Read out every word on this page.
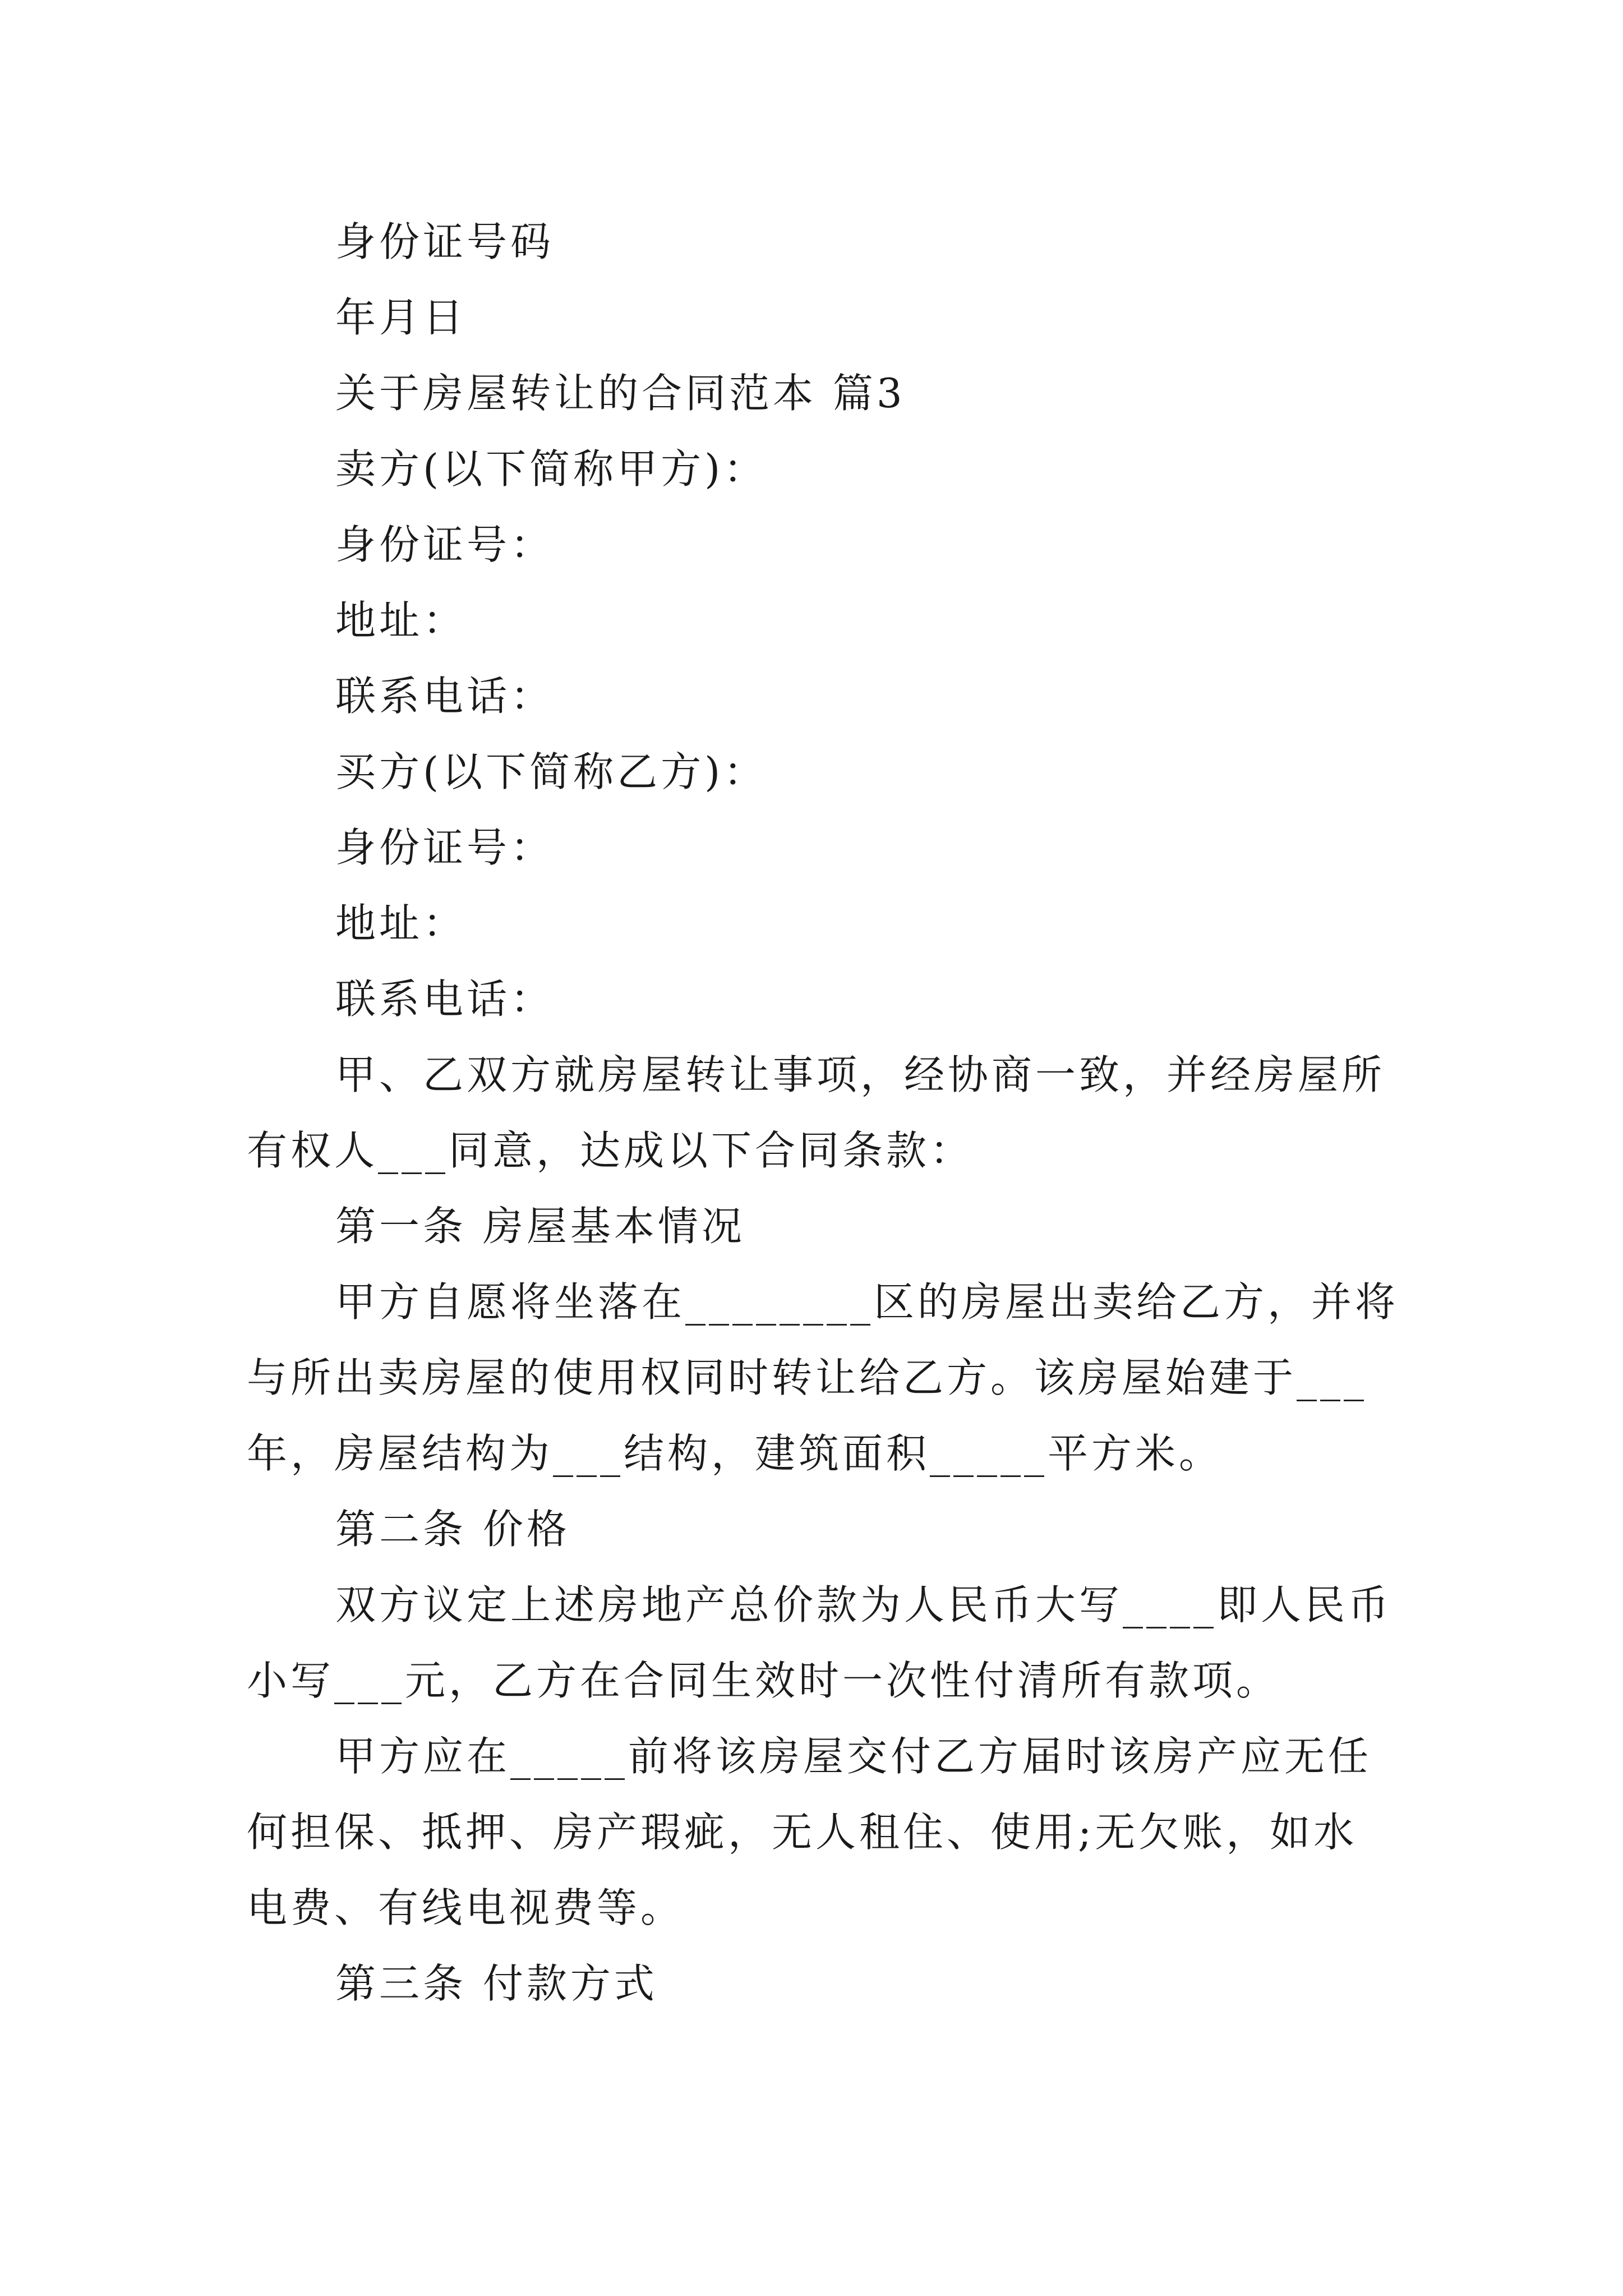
身份证号码
年月日
关于房屋转让的合同范本 篇3
卖方(以下简称甲方)：
身份证号：
地址：
联系电话：
买方(以下简称乙方)：
身份证号：
地址：
联系电话：
甲、乙双方就房屋转让事项，经协商一致，并经房屋所
有权人___同意，达成以下合同条款：
第一条 房屋基本情况
甲方自愿将坐落在________区的房屋出卖给乙方，并将
与所出卖房屋的使用权同时转让给乙方。该房屋始建于___
年，房屋结构为___结构，建筑面积_____平方米。
第二条 价格
双方议定上述房地产总价款为人民币大写____即人民币
小写___元，乙方在合同生效时一次性付清所有款项。
甲方应在_____前将该房屋交付乙方届时该房产应无任
何担保、抵押、房产瑕疵，无人租住、使用;无欠账，如水
电费、有线电视费等。
第三条 付款方式
